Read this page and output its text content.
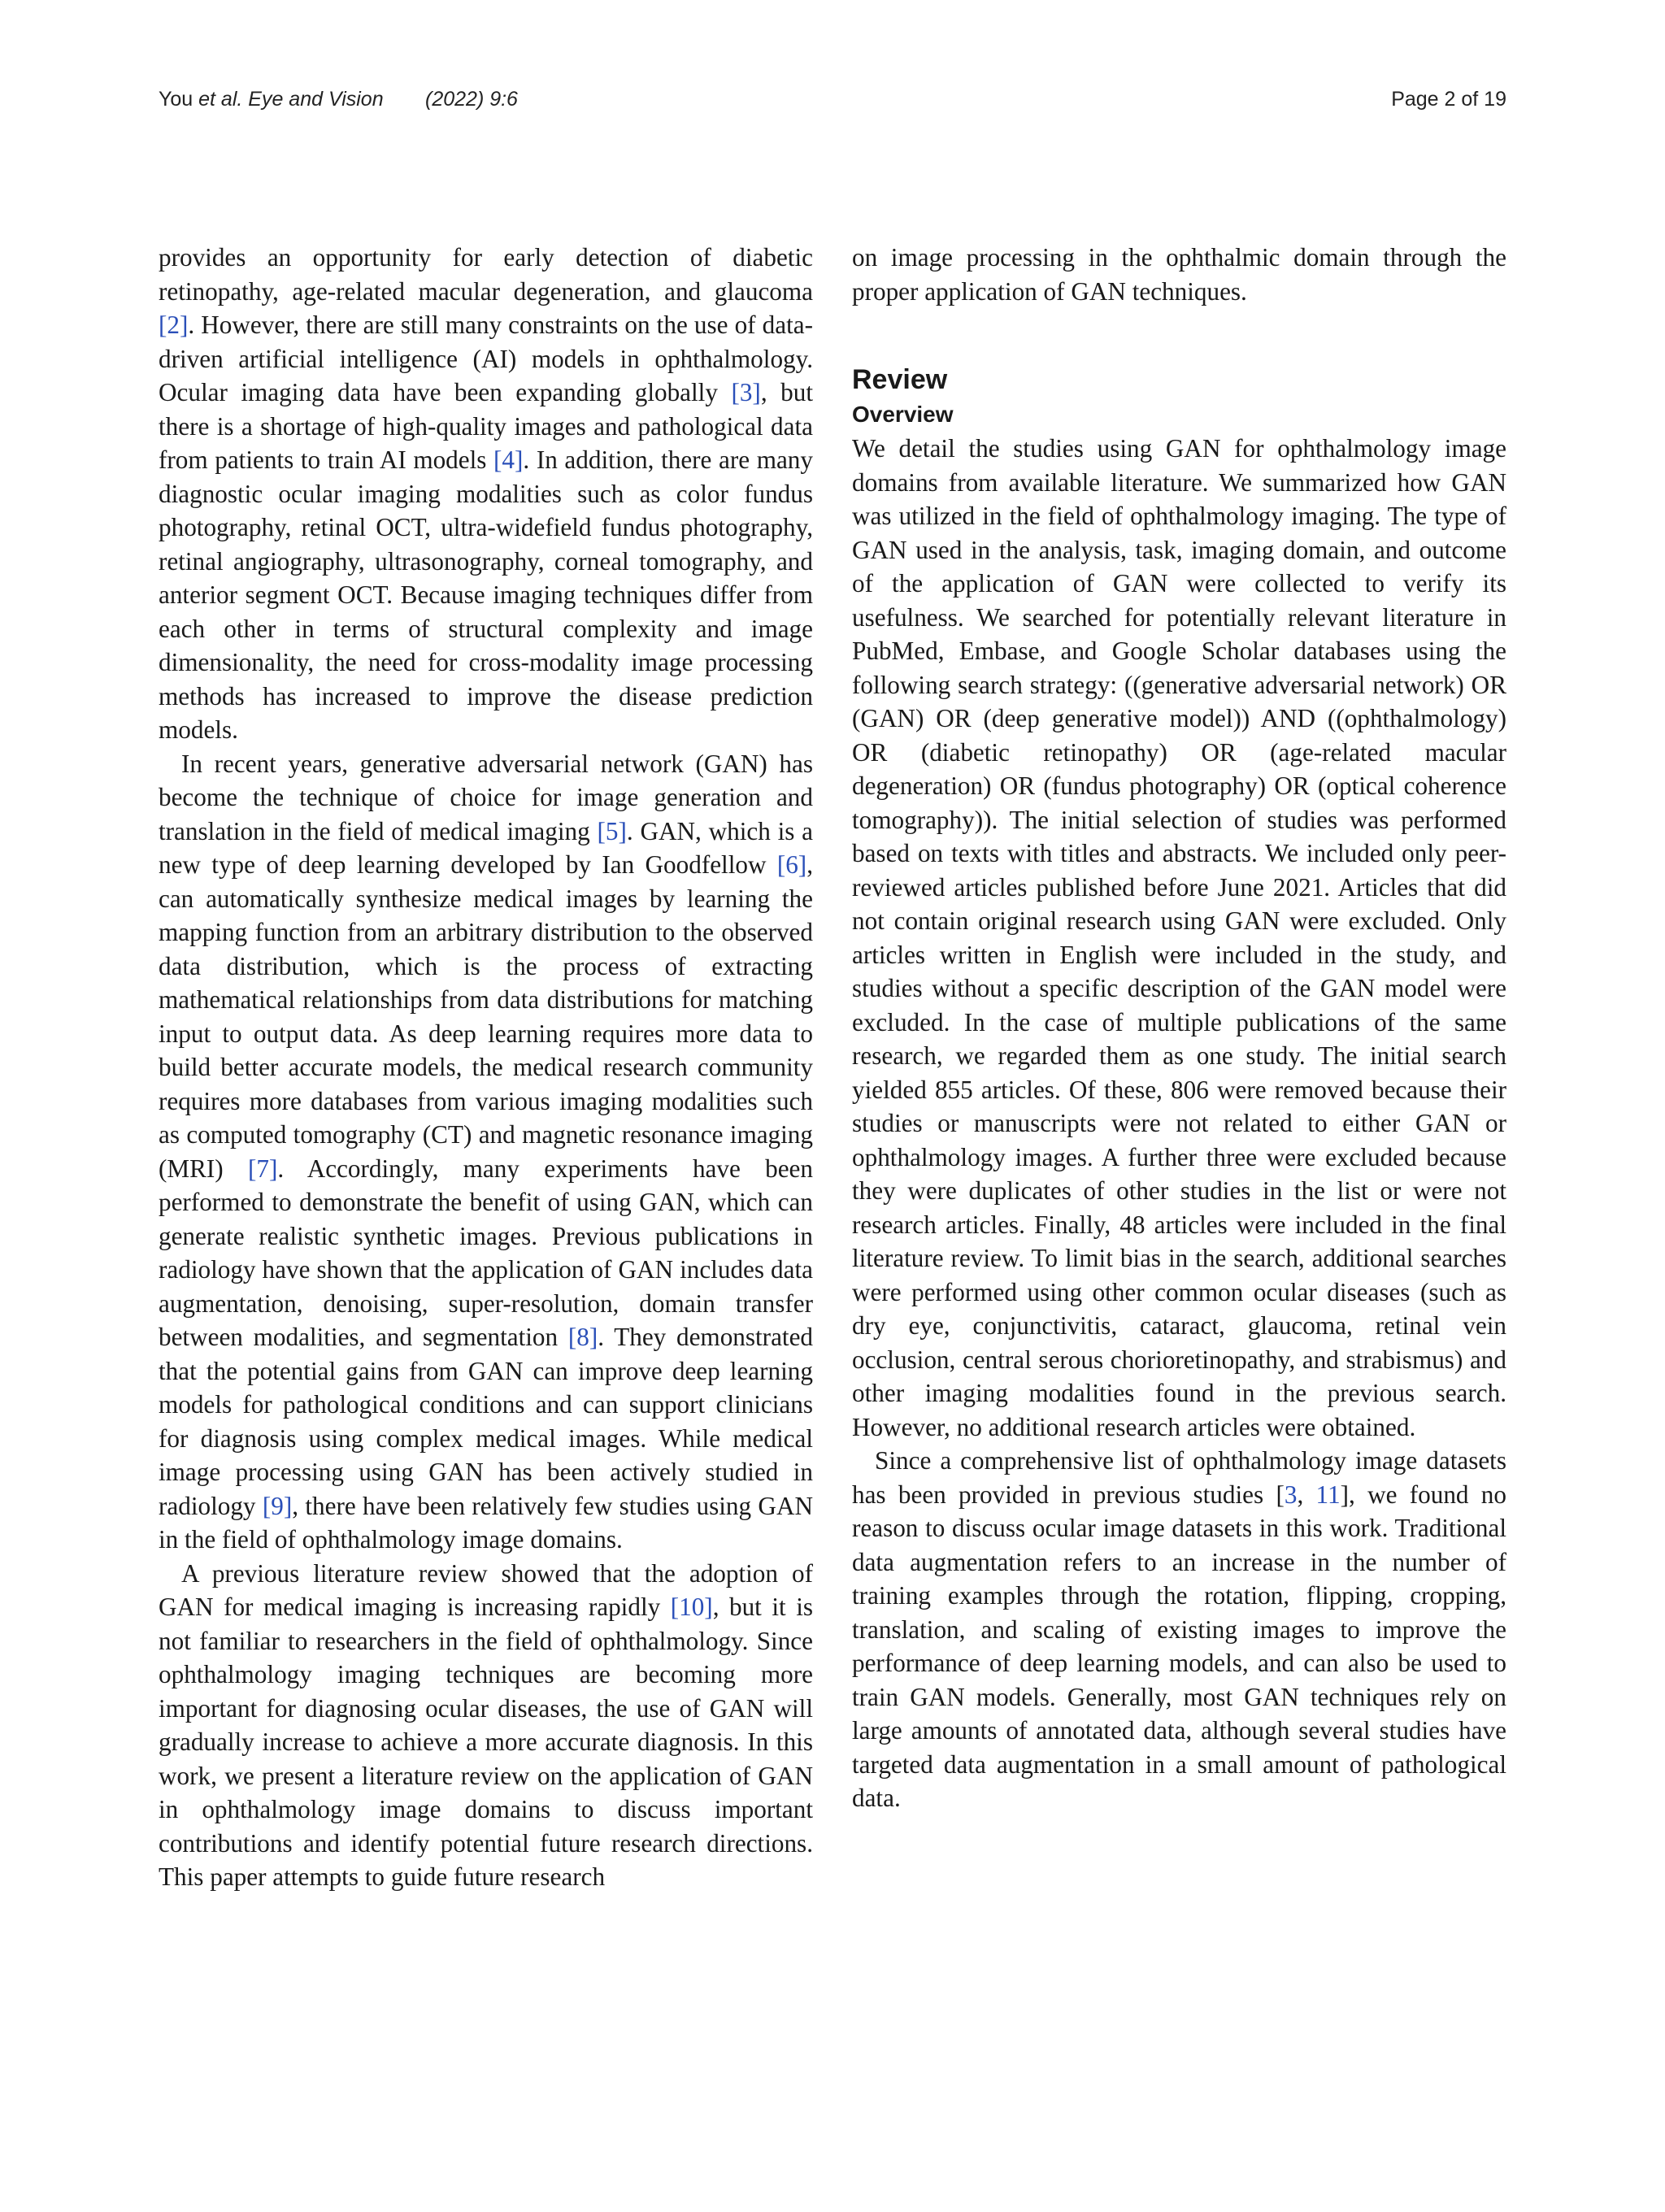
You et al. Eye and Vision (2022) 9:6	Page 2 of 19

provides an opportunity for early detection of diabetic retinopathy, age-related macular degeneration, and glaucoma [2]. However, there are still many constraints on the use of data-driven artificial intelligence (AI) models in ophthalmology. Ocular imaging data have been expanding globally [3], but there is a shortage of high-quality images and pathological data from patients to train AI models [4]. In addition, there are many diagnostic ocular imaging modalities such as color fundus photography, retinal OCT, ultra-widefield fundus photography, retinal angiography, ultrasonography, corneal tomography, and anterior segment OCT. Because imaging techniques differ from each other in terms of structural complexity and image dimensionality, the need for cross-modality image processing methods has increased to improve the disease prediction models.

In recent years, generative adversarial network (GAN) has become the technique of choice for image generation and translation in the field of medical imaging [5]. GAN, which is a new type of deep learning developed by Ian Goodfellow [6], can automatically synthesize medical images by learning the mapping function from an arbitrary distribution to the observed data distribution, which is the process of extracting mathematical relationships from data distributions for matching input to output data. As deep learning requires more data to build better accurate models, the medical research community requires more databases from various imaging modalities such as computed tomography (CT) and magnetic resonance imaging (MRI) [7]. Accordingly, many experiments have been performed to demonstrate the benefit of using GAN, which can generate realistic synthetic images. Previous publications in radiology have shown that the application of GAN includes data augmentation, denoising, super-resolution, domain transfer between modalities, and segmentation [8]. They demonstrated that the potential gains from GAN can improve deep learning models for pathological conditions and can support clinicians for diagnosis using complex medical images. While medical image processing using GAN has been actively studied in radiology [9], there have been relatively few studies using GAN in the field of ophthalmology image domains.

A previous literature review showed that the adoption of GAN for medical imaging is increasing rapidly [10], but it is not familiar to researchers in the field of ophthalmology. Since ophthalmology imaging techniques are becoming more important for diagnosing ocular diseases, the use of GAN will gradually increase to achieve a more accurate diagnosis. In this work, we present a literature review on the application of GAN in ophthalmology image domains to discuss important contributions and identify potential future research directions. This paper attempts to guide future research

on image processing in the ophthalmic domain through the proper application of GAN techniques.

Review
Overview

We detail the studies using GAN for ophthalmology image domains from available literature. We summarized how GAN was utilized in the field of ophthalmology imaging. The type of GAN used in the analysis, task, imaging domain, and outcome of the application of GAN were collected to verify its usefulness. We searched for potentially relevant literature in PubMed, Embase, and Google Scholar databases using the following search strategy: ((generative adversarial network) OR (GAN) OR (deep generative model)) AND ((ophthalmology) OR (diabetic retinopathy) OR (age-related macular degeneration) OR (fundus photography) OR (optical coherence tomography)). The initial selection of studies was performed based on texts with titles and abstracts. We included only peer-reviewed articles published before June 2021. Articles that did not contain original research using GAN were excluded. Only articles written in English were included in the study, and studies without a specific description of the GAN model were excluded. In the case of multiple publications of the same research, we regarded them as one study. The initial search yielded 855 articles. Of these, 806 were removed because their studies or manuscripts were not related to either GAN or ophthalmology images. A further three were excluded because they were duplicates of other studies in the list or were not research articles. Finally, 48 articles were included in the final literature review. To limit bias in the search, additional searches were performed using other common ocular diseases (such as dry eye, conjunctivitis, cataract, glaucoma, retinal vein occlusion, central serous chorioretinopathy, and strabismus) and other imaging modalities found in the previous search. However, no additional research articles were obtained.

Since a comprehensive list of ophthalmology image datasets has been provided in previous studies [3, 11], we found no reason to discuss ocular image datasets in this work. Traditional data augmentation refers to an increase in the number of training examples through the rotation, flipping, cropping, translation, and scaling of existing images to improve the performance of deep learning models, and can also be used to train GAN models. Generally, most GAN techniques rely on large amounts of annotated data, although several studies have targeted data augmentation in a small amount of pathological data.
